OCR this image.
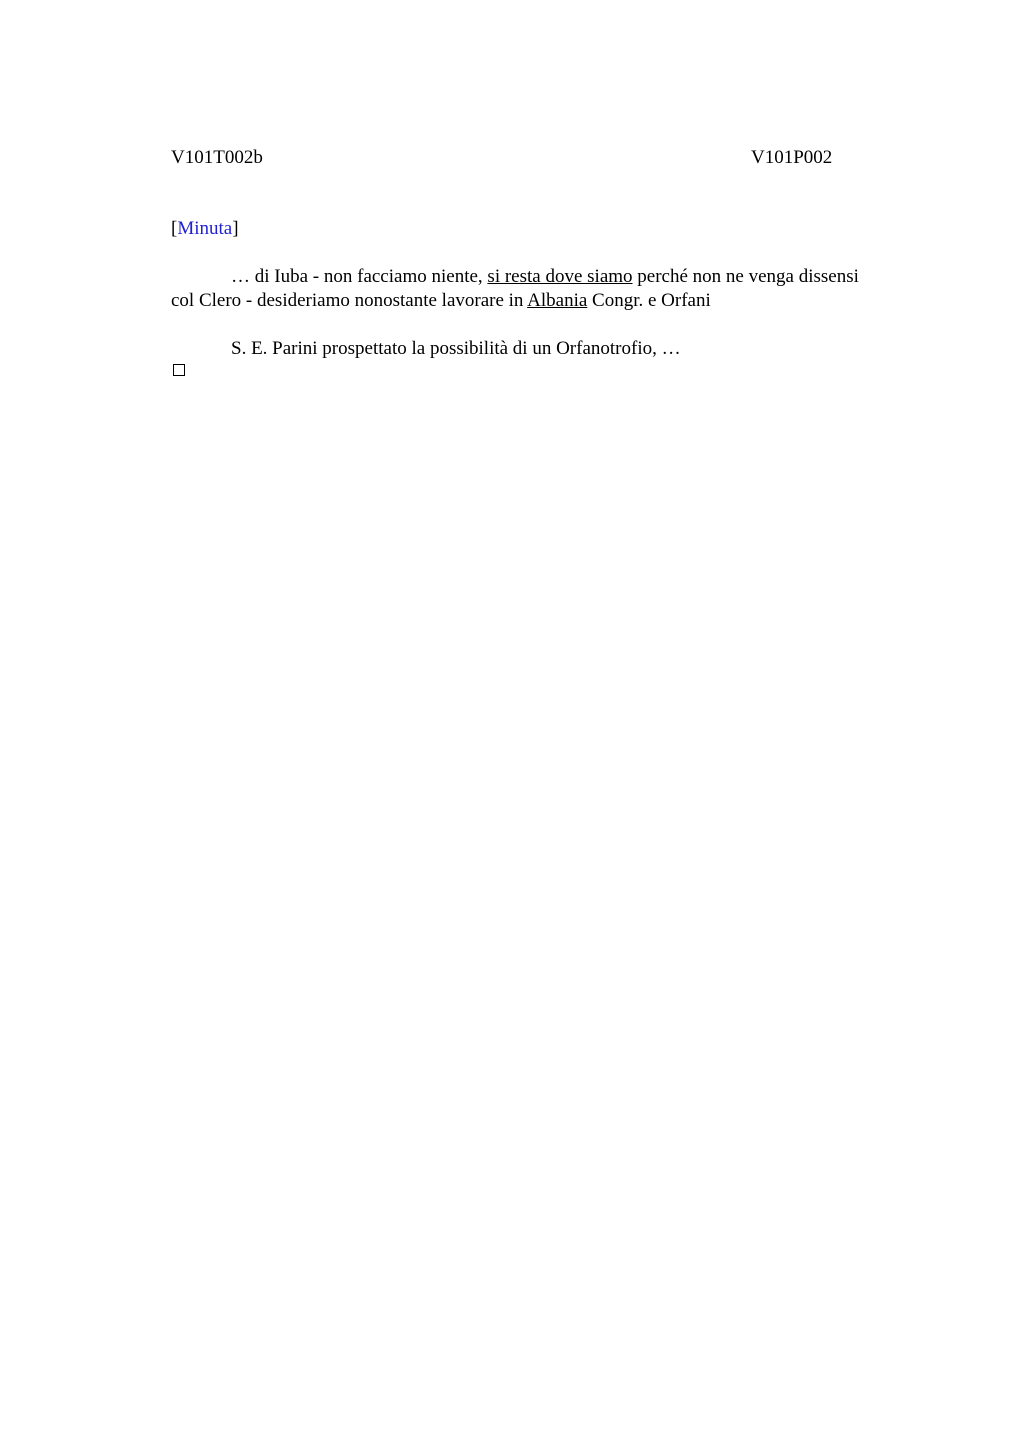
V101T002b	V101P002
[Minuta]
… di Iuba - non facciamo niente, si resta dove siamo perché non ne venga dissensi
col Clero - desideriamo nonostante lavorare in Albania Congr. e Orfani
S. E. Parini prospettato la possibilità di un Orfanotrofio, …
